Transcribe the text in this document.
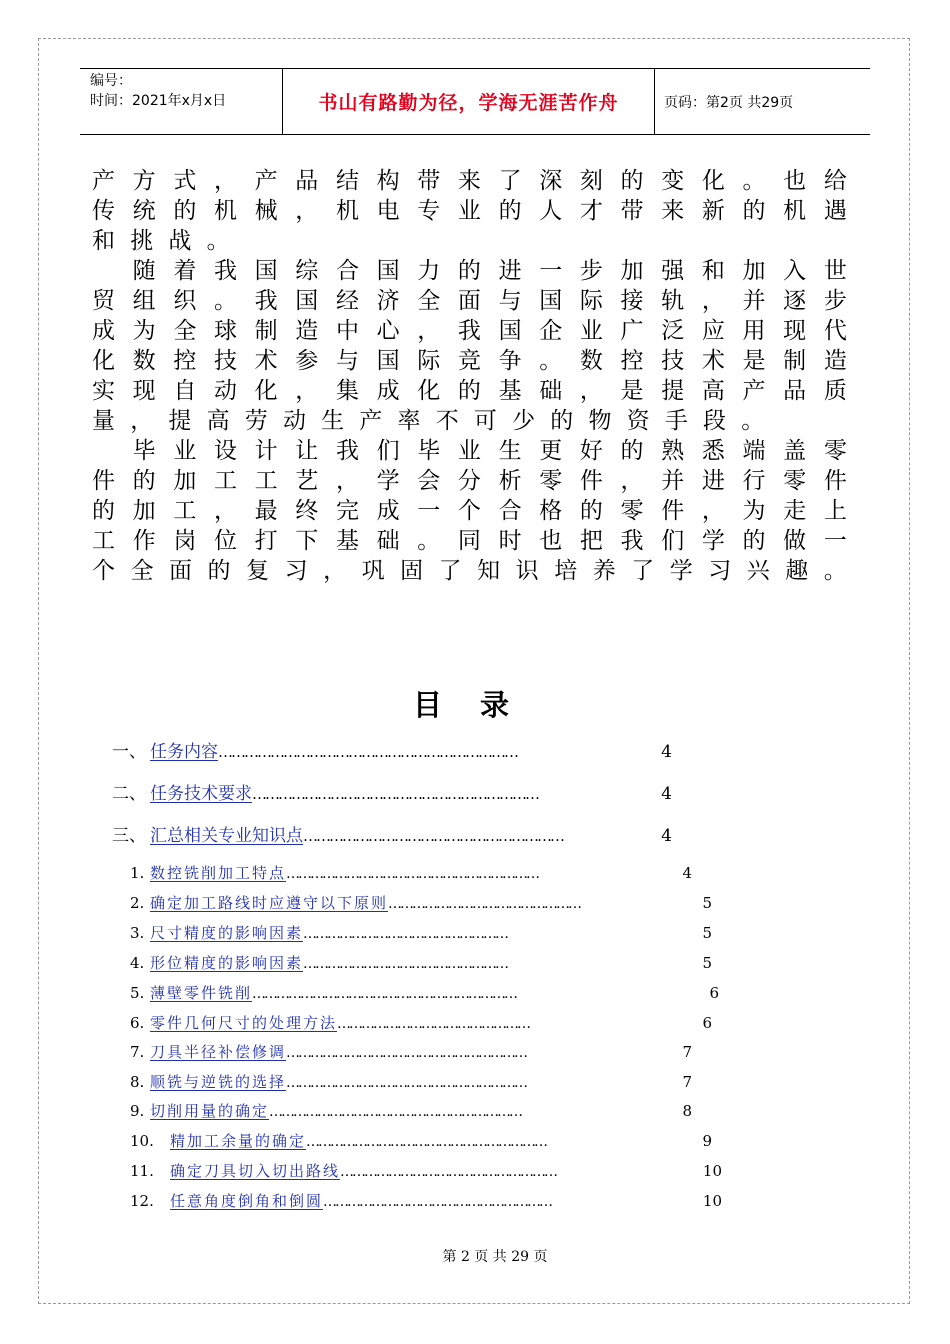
编号：
时间：2021年x月x日	书山有路勤为径，学海无涯苦作舟	页码：第2页 共29页
产 方 式 ， 产 品 结 构 带 来 了 深 刻 的 变 化 。 也 给
传 统 的 机 械 ， 机 电 专 业 的 人 才 带 来 新 的 机 遇
和 挑 战 。

随 着 我 国 综 合 国 力 的 进 一 步 加 强 和 加 入 世
贸 组 织 。 我 国 经 济 全 面 与 国 际 接 轨 ， 并 逐 步
成 为 全 球 制 造 中 心 ， 我 国 企 业 广 泛 应 用 现 代
化 数 控 技 术 参 与 国 际 竞 争 。 数 控 技 术 是 制 造
实 现 自 动 化 ， 集 成 化 的 基 础 ， 是 提 高 产 品 质
量 ， 提 高 劳 动 生 产 率 不 可 少 的 物 资 手 段 。

毕 业 设 计 让 我 们 毕 业 生 更 好 的 熟 悉 端 盖 零
件 的 加 工 工 艺 ， 学 会 分 析 零 件 ， 并 进 行 零 件
的 加 工 ， 最 终 完 成 一 个 合 格 的 零 件 ， 为 走 上
工 作 岗 位 打 下 基 础 。 同 时 也 把 我 们 学 的 做 一
个 全 面 的 复 习 ， 巩 固 了 知 识 培 养 了 学 习 兴 趣 。
目录
一、 任务内容 ……………………………………………………………	4
二、 任务技术要求 …………………………………………………………	4
三、 汇总相关专业知识点 ……………………………………………………	4
1. 数控铣削加工特点 ………………………………………………………	4
2. 确定加工路线时应遵守以下原则 …………………………………………	5
3. 尺寸精度的影响因素 ……………………………………………	5
4. 形位精度的影响因素 ……………………………………………	5
5. 薄壁零件铣削 …………………………………………………………	6
6. 零件几何尺寸的处理方法 …………………………………………	6
7. 刀具半径补偿修调 ……………………………………………………	7
8. 顺铣与逆铣的选择 ……………………………………………………	7
9. 切削用量的确定 ………………………………………………………	8
10.	精加工余量的确定 ……………………………………………………	9
11.	确定刀具切入切出路线 ………………………………………………	10
12.	任意角度倒角和倒圆 …………………………………………………	10
第 2 页 共 29 页
